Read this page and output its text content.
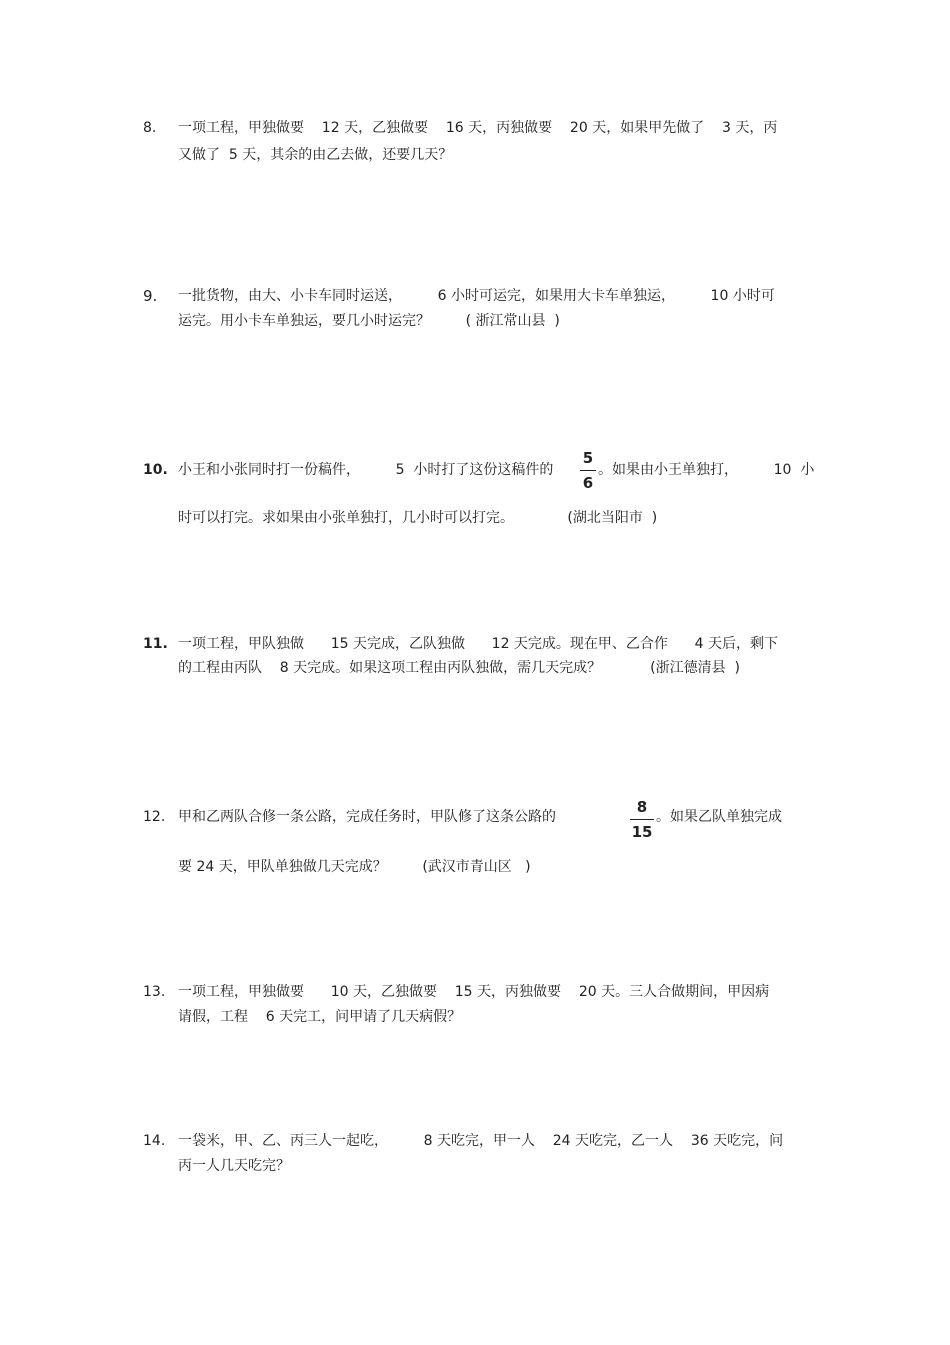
8. 一项工程，甲独做要    12 天，乙独做要    16 天，丙独做要    20 天，如果甲先做了    3 天，丙
又做了  5 天，其余的由乙去做，还要几天？
9. 一批货物，由大、小卡车同时运送，        6 小时可运完，如果用大卡车单独运，        10 小时可
运完。用小卡车单独运，要几小时运完？        ( 浙江常山县  )
10. 小王和小张同时打一份稿件，        5  小时打了这份这稿件的
5
6
。如果由小王单独打，        10  小
时可以打完。求如果由小张单独打，几小时可以打完。            (湖北当阳市  )
11. 一项工程，甲队独做      15 天完成，乙队独做      12 天完成。现在甲、乙合作      4 天后，剩下
的工程由丙队    8 天完成。如果这项工程由丙队独做，需几天完成？           (浙江德清县  )
12. 甲和乙两队合修一条公路，完成任务时，甲队修了这条公路的
8
15
。如果乙队单独完成
要 24 天，甲队单独做几天完成？        (武汉市青山区   )
13. 一项工程，甲独做要      10 天，乙独做要    15 天，丙独做要    20 天。三人合做期间，甲因病
请假，工程    6 天完工，问甲请了几天病假？
14. 一袋米，甲、乙、丙三人一起吃，        8 天吃完，甲一人    24 天吃完，乙一人    36 天吃完，问
丙一人几天吃完？
